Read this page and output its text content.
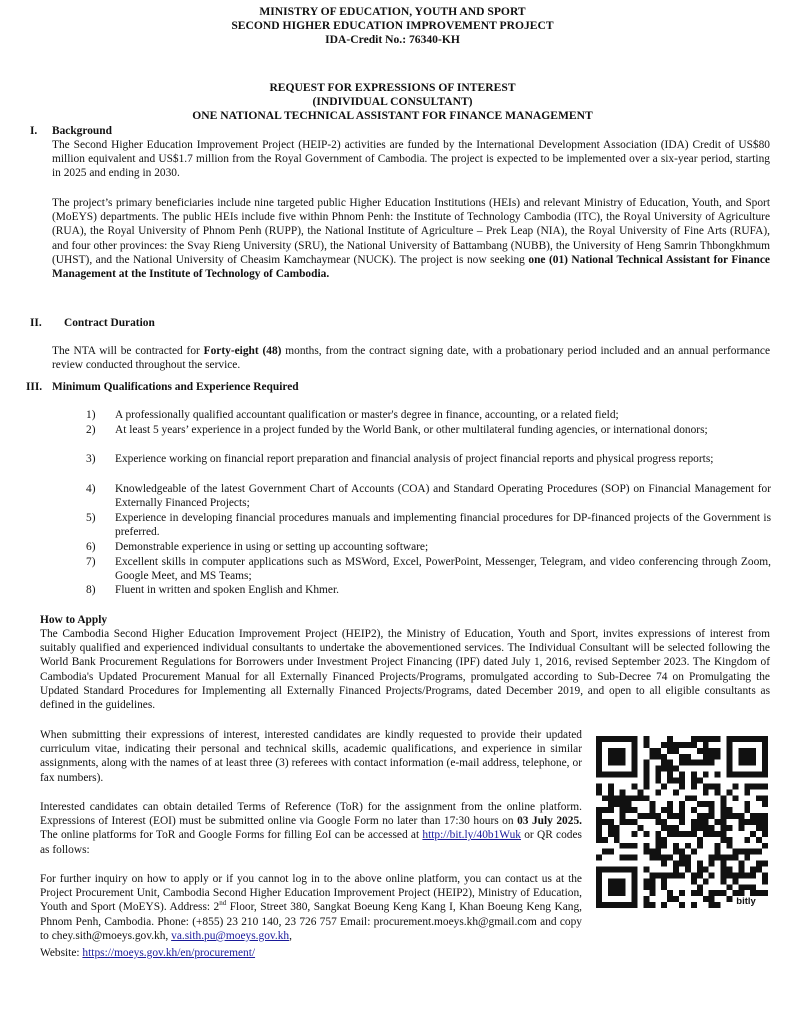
MINISTRY OF EDUCATION, YOUTH AND SPORT
SECOND HIGHER EDUCATION IMPROVEMENT PROJECT
IDA-Credit No.: 76340-KH
REQUEST FOR EXPRESSIONS OF INTEREST
(INDIVIDUAL CONSULTANT)
ONE NATIONAL TECHNICAL ASSISTANT FOR FINANCE MANAGEMENT
I. Background
The Second Higher Education Improvement Project (HEIP-2) activities are funded by the International Development Association (IDA) Credit of US$80 million equivalent and US$1.7 million from the Royal Government of Cambodia. The project is expected to be implemented over a six-year period, starting in 2025 and ending in 2030.
The project’s primary beneficiaries include nine targeted public Higher Education Institutions (HEIs) and relevant Ministry of Education, Youth, and Sport (MoEYS) departments. The public HEIs include five within Phnom Penh: the Institute of Technology Cambodia (ITC), the Royal University of Agriculture (RUA), the Royal University of Phnom Penh (RUPP), the National Institute of Agriculture – Prek Leap (NIA), the Royal University of Fine Arts (RUFA), and four other provinces: the Svay Rieng University (SRU), the National University of Battambang (NUBB), the University of Heng Samrin Thbongkhmum (UHST), and the National University of Cheasim Kamchaymear (NUCK). The project is now seeking one (01) National Technical Assistant for Finance Management at the Institute of Technology of Cambodia.
II. Contract Duration
The NTA will be contracted for Forty-eight (48) months, from the contract signing date, with a probationary period included and an annual performance review conducted throughout the service.
III. Minimum Qualifications and Experience Required
1)	A professionally qualified accountant qualification or master's degree in finance, accounting, or a related field;
2)	At least 5 years’ experience in a project funded by the World Bank, or other multilateral funding agencies, or international donors;
3)	Experience working on financial report preparation and financial analysis of project financial reports and physical progress reports;
4)	Knowledgeable of the latest Government Chart of Accounts (COA) and Standard Operating Procedures (SOP) on Financial Management for Externally Financed Projects;
5)	Experience in developing financial procedures manuals and implementing financial procedures for DP-financed projects of the Government is preferred.
6)	Demonstrable experience in using or setting up accounting software;
7)	Excellent skills in computer applications such as MSWord, Excel, PowerPoint, Messenger, Telegram, and video conferencing through Zoom, Google Meet, and MS Teams;
8)	Fluent in written and spoken English and Khmer.
How to Apply
The Cambodia Second Higher Education Improvement Project (HEIP2), the Ministry of Education, Youth and Sport, invites expressions of interest from suitably qualified and experienced individual consultants to undertake the abovementioned services. The Individual Consultant will be selected following the World Bank Procurement Regulations for Borrowers under Investment Project Financing (IPF) dated July 1, 2016, revised September 2023. The Kingdom of Cambodia's Updated Procurement Manual for all Externally Financed Projects/Programs, promulgated according to Sub-Decree 74 on Promulgating the Updated Standard Procedures for Implementing all Externally Financed Projects/Programs, dated December 2019, and open to all eligible consultants as defined in the guidelines.
When submitting their expressions of interest, interested candidates are kindly requested to provide their updated curriculum vitae, indicating their personal and technical skills, academic qualifications, and experience in similar assignments, along with the names of at least three (3) referees with contact information (e-mail address, telephone, or fax numbers).
Interested candidates can obtain detailed Terms of Reference (ToR) for the assignment from the online platform. Expressions of Interest (EOI) must be submitted online via Google Form no later than 17:30 hours on 03 July 2025. The online platforms for ToR and Google Forms for filling EoI can be accessed at http://bit.ly/40b1Wuk or QR codes as follows:
For further inquiry on how to apply or if you cannot log in to the above online platform, you can contact us at the Project Procurement Unit, Cambodia Second Higher Education Improvement Project (HEIP2), Ministry of Education, Youth and Sport (MoEYS). Address: 2nd Floor, Street 380, Sangkat Boeung Keng Kang I, Khan Boeung Keng Kang, Phnom Penh, Cambodia. Phone: (+855) 23 210 140, 23 726 757 Email: procurement.moeys.kh@gmail.com and copy to chey.sith@moeys.gov.kh, va.sith.pu@moeys.gov.kh,
Website: https://moeys.gov.kh/en/procurement/
bitly
